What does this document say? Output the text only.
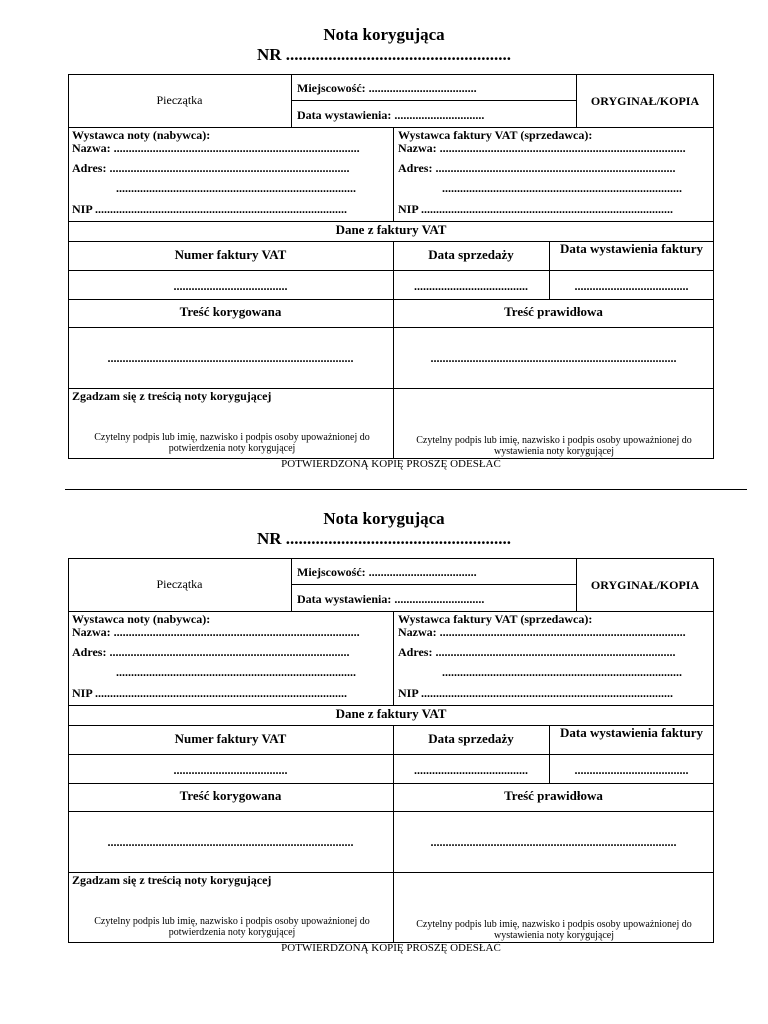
Nota korygująca
NR .....................................................
Pieczątka
Miejscowość: ....................................
Data wystawienia: ..............................
ORYGINAŁ/KOPIA
Wystawca noty (nabywca):
Nazwa: ..................................................................................
Adres: ................................................................................
................................................................................
NIP ....................................................................................
Wystawca faktury VAT (sprzedawca):
Nazwa: ..................................................................................
Adres: ................................................................................
................................................................................
NIP ....................................................................................
Dane z faktury VAT
Numer faktury VAT	Data sprzedaży	Data wystawienia faktury
......................................	......................................	......................................
Treść korygowana	Treść prawidłowa
..................................................................................	..................................................................................
Zgadzam się z treścią noty korygującej
Czytelny podpis lub imię, nazwisko i podpis osoby upoważnionej do potwierdzenia noty korygującej
Czytelny podpis lub imię, nazwisko i podpis osoby upoważnionej do wystawienia noty korygującej
POTWIERDZONĄ KOPIĘ PROSZĘ ODESŁAĆ
Nota korygująca
NR .....................................................
Pieczątka
Miejscowość: ....................................
Data wystawienia: ..............................
ORYGINAŁ/KOPIA
Wystawca noty (nabywca):
Nazwa: ..................................................................................
Adres: ................................................................................
................................................................................
NIP ....................................................................................
Wystawca faktury VAT (sprzedawca):
Nazwa: ..................................................................................
Adres: ................................................................................
................................................................................
NIP ....................................................................................
Dane z faktury VAT
Numer faktury VAT	Data sprzedaży	Data wystawienia faktury
......................................	......................................	......................................
Treść korygowana	Treść prawidłowa
..................................................................................	..................................................................................
Zgadzam się z treścią noty korygującej
Czytelny podpis lub imię, nazwisko i podpis osoby upoważnionej do potwierdzenia noty korygującej
Czytelny podpis lub imię, nazwisko i podpis osoby upoważnionej do wystawienia noty korygującej
POTWIERDZONĄ KOPIĘ PROSZĘ ODESŁAĆ
